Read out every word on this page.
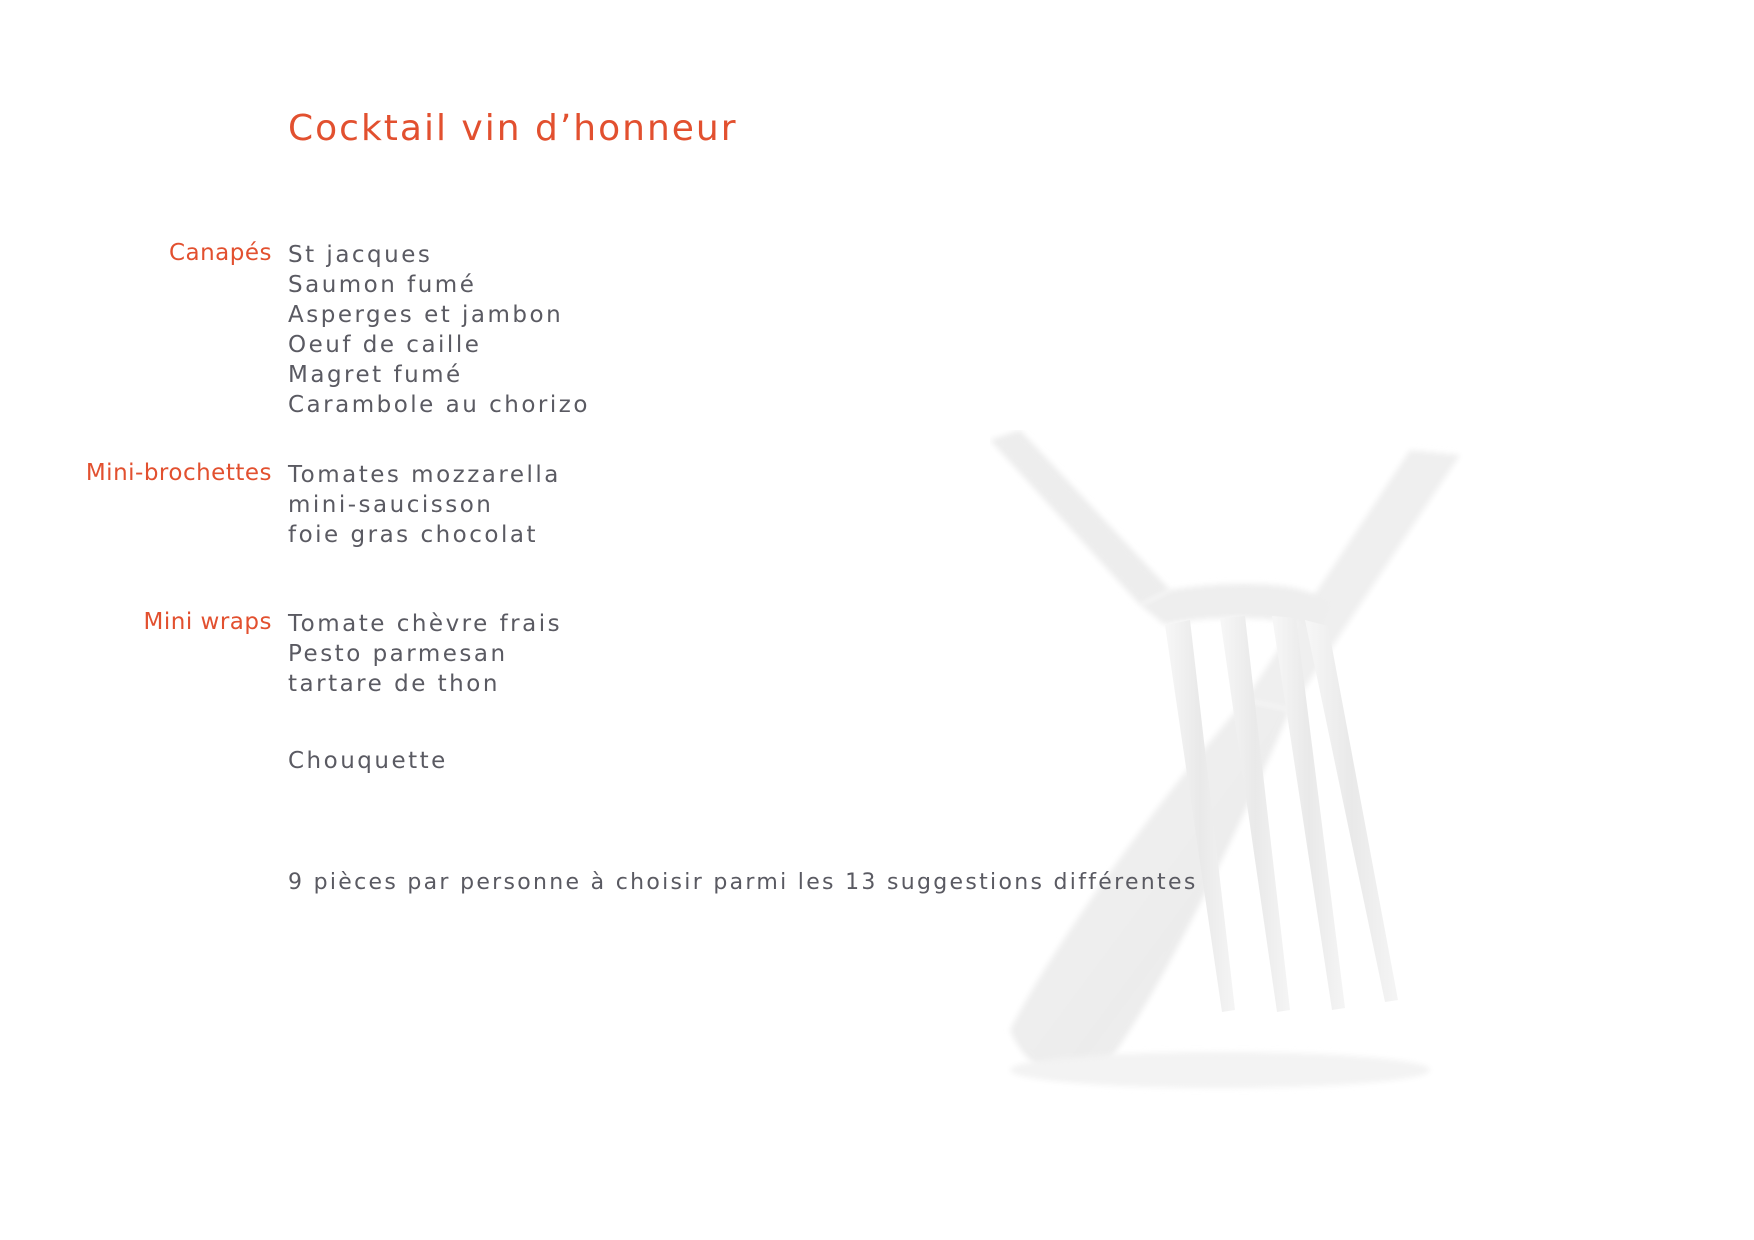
Cocktail vin d’honneur
Canapés St jacques
Saumon fumé
Asperges et jambon
Oeuf de caille
Magret fumé
Carambole au chorizo
Mini-brochettes Tomates mozzarella
mini-saucisson
foie gras chocolat
Mini wraps Tomate chèvre frais
Pesto parmesan
tartare de thon
Chouquette
9 pièces par personne à choisir parmi les 13 suggestions différentes
